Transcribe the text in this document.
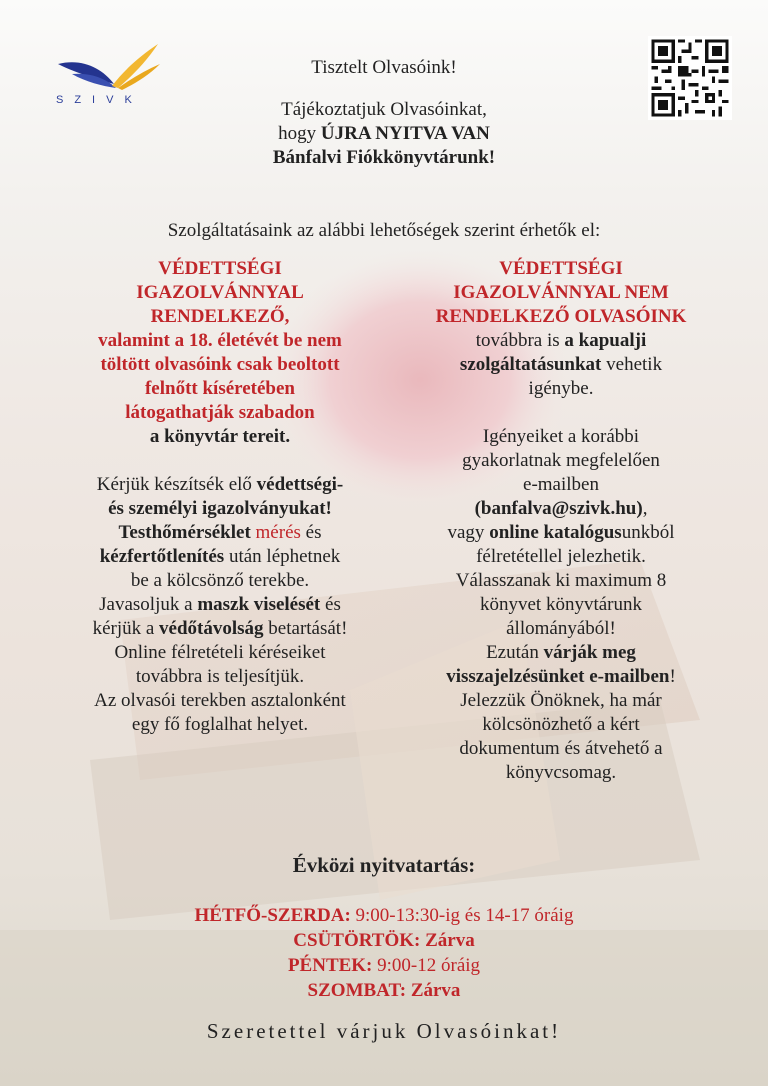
SZIVK

Tisztelt Olvasóink!

Tájékoztatjuk Olvasóinkat,

hogy ÚJRA NYITVA VAN

Bánfalvi Fiókkönyvtárunk!

Szolgáltatásaink az alábbi lehetőségek szerint érhetők el:

VÉDETTSÉGI

IGAZOLVÁNNYAL

RENDELKEZŐ,

valamint a 18. életévét be nem

töltött olvasóink csak beoltott

felnőtt kíséretében

látogathatják szabadon

a könyvtár tereit.

Kérjük készítsék elő védettségi-

és személyi igazolványukat!

Testhőmérséklet mérés és

kézfertőtlenítés után léphetnek

be a kölcsönző terekbe.

Javasoljuk a maszk viselését és

kérjük a védőtávolság betartását!

Online félretételi kéréseiket

továbbra is teljesítjük.

Az olvasói terekben asztalonként

egy fő foglalhat helyet.

VÉDETTSÉGI

IGAZOLVÁNNYAL NEM

RENDELKEZŐ OLVASÓINK

továbbra is a kapualji

szolgáltatásunkat vehetik

igénybe.

Igényeiket a korábbi

gyakorlatnak megfelelően

e-mailben

(banfalva@szivk.hu),

vagy online katalógusunkból

félretétellel jelezhetik.

Válasszanak ki maximum 8

könyvet könyvtárunk

állományából!

Ezután várják meg

visszajelzésünket e-mailben!

Jelezzük Önöknek, ha már

kölcsönözhető a kért

dokumentum és átvehető a

könyvcsomag.

Évközi nyitvatartás:

HÉTFŐ-SZERDA: 9:00-13:30-ig és 14-17 óráig

CSÜTÖRTÖK: Zárva

PÉNTEK: 9:00-12 óráig

SZOMBAT: Zárva

Szeretettel várjuk Olvasóinkat!
